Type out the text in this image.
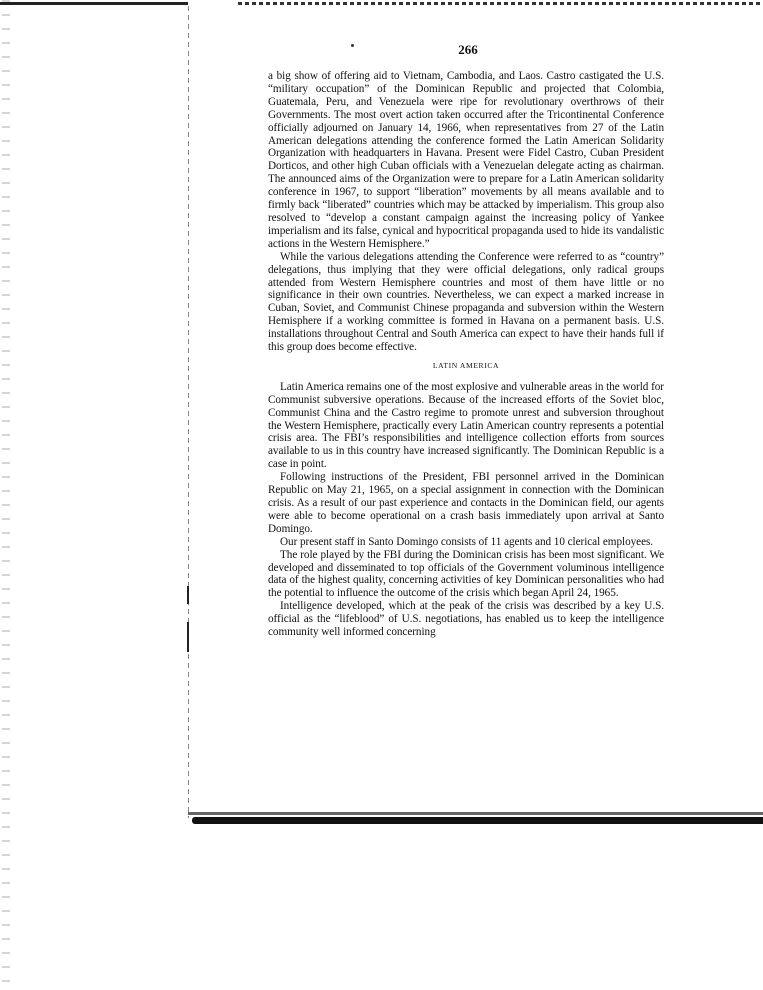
266

a big show of offering aid to Vietnam, Cambodia, and Laos. Castro castigated the U.S. “military occupation” of the Dominican Republic and projected that Colombia, Guatemala, Peru, and Venezuela were ripe for revolutionary overthrows of their Governments. The most overt action taken occurred after the Tricontinental Conference officially adjourned on January 14, 1966, when representatives from 27 of the Latin American delegations attending the conference formed the Latin American Solidarity Organization with headquarters in Havana. Present were Fidel Castro, Cuban President Dorticos, and other high Cuban officials with a Venezuelan delegate acting as chairman. The announced aims of the Organization were to prepare for a Latin American solidarity conference in 1967, to support “liberation” movements by all means available and to firmly back “liberated” countries which may be attacked by imperialism. This group also resolved to “develop a constant campaign against the increasing policy of Yankee imperialism and its false, cynical and hypocritical propaganda used to hide its vandalistic actions in the Western Hemisphere.”

While the various delegations attending the Conference were referred to as “country” delegations, thus implying that they were official delegations, only radical groups attended from Western Hemisphere countries and most of them have little or no significance in their own countries. Nevertheless, we can expect a marked increase in Cuban, Soviet, and Communist Chinese propaganda and subversion within the Western Hemisphere if a working committee is formed in Havana on a permanent basis. U.S. installations throughout Central and South America can expect to have their hands full if this group does become effective.

LATIN AMERICA

Latin America remains one of the most explosive and vulnerable areas in the world for Communist subversive operations. Because of the increased efforts of the Soviet bloc, Communist China and the Castro regime to promote unrest and subversion throughout the Western Hemisphere, practically every Latin American country represents a potential crisis area. The FBI’s responsibilities and intelligence collection efforts from sources available to us in this country have increased significantly. The Dominican Republic is a case in point.

Following instructions of the President, FBI personnel arrived in the Dominican Republic on May 21, 1965, on a special assignment in connection with the Dominican crisis. As a result of our past experience and contacts in the Dominican field, our agents were able to become operational on a crash basis immediately upon arrival at Santo Domingo.

Our present staff in Santo Domingo consists of 11 agents and 10 clerical employees.

The role played by the FBI during the Dominican crisis has been most significant. We developed and disseminated to top officials of the Government voluminous intelligence data of the highest quality, concerning activities of key Dominican personalities who had the potential to influence the outcome of the crisis which began April 24, 1965.

Intelligence developed, which at the peak of the crisis was described by a key U.S. official as the “lifeblood” of U.S. negotiations, has enabled us to keep the intelligence community well informed concerning
